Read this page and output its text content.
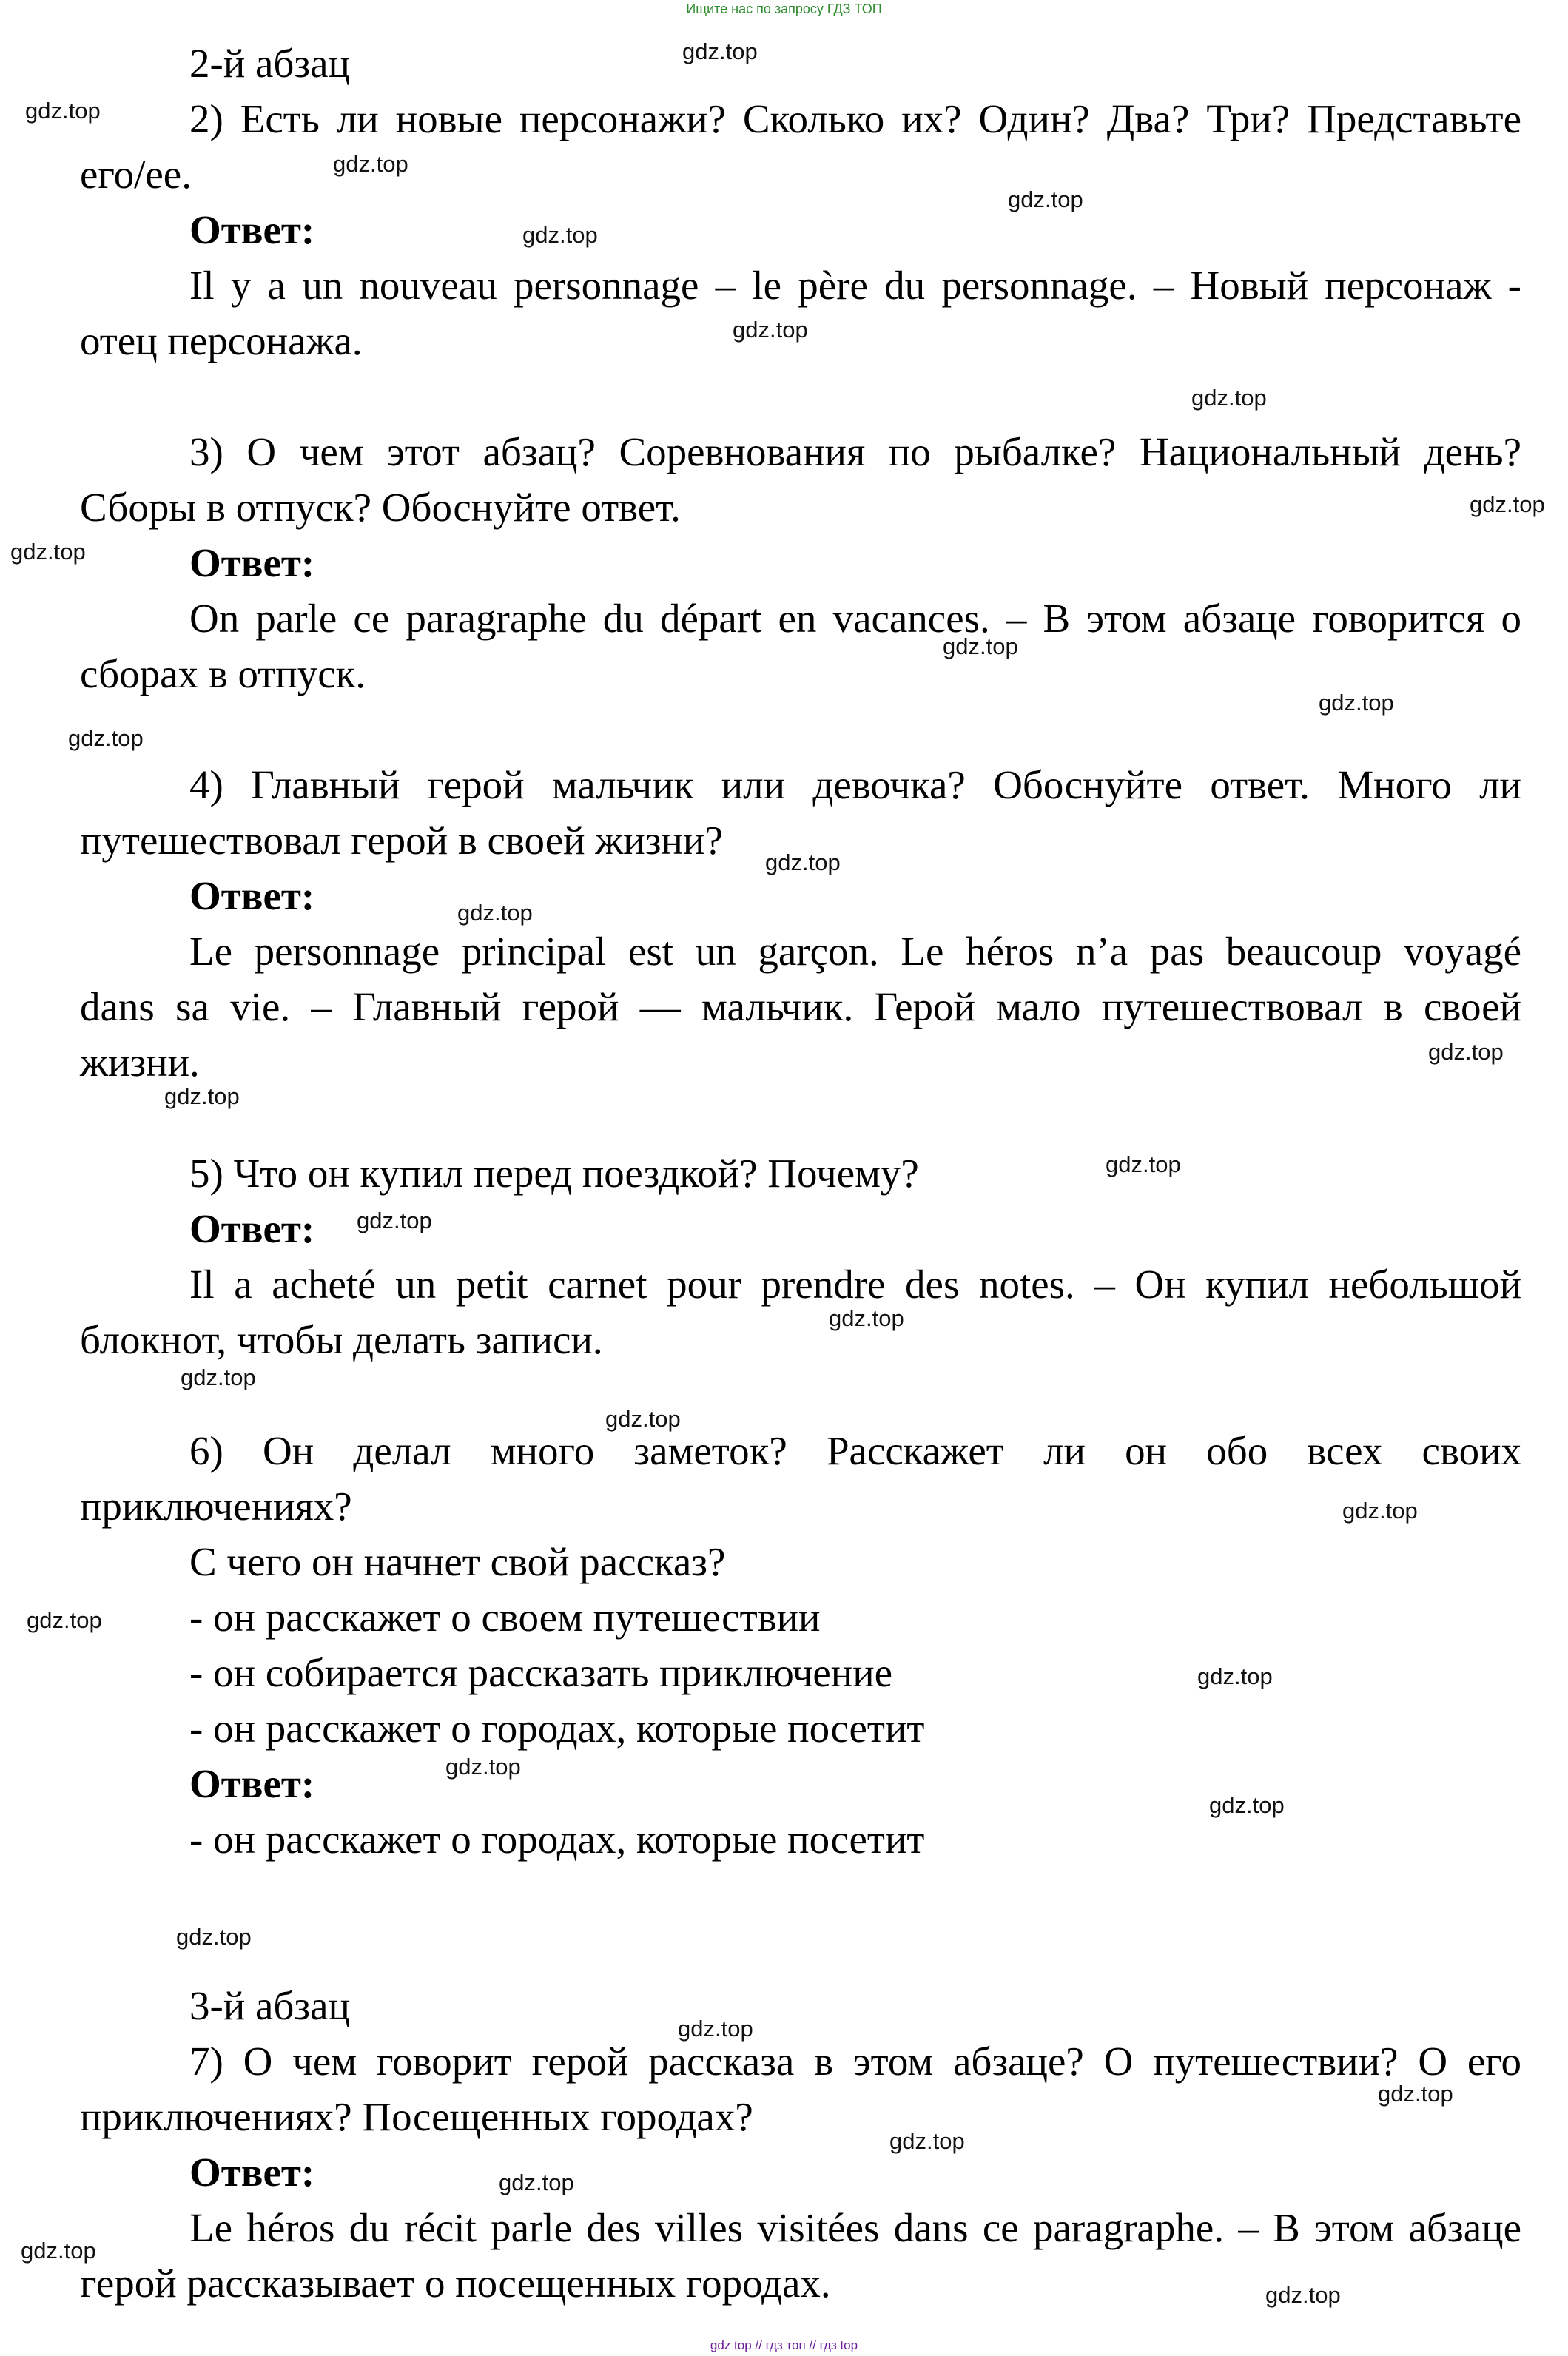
Ищите нас по запросу ГДЗ ТОП
2-й абзац
2) Есть ли новые персонажи? Сколько их? Один? Два? Три? Представьте
его/ее.
Ответ:
Il y a un nouveau personnage – le père du personnage. – Новый персонаж -
отец персонажа.
3) О чем этот абзац? Соревнования по рыбалке? Национальный день?
Сборы в отпуск? Обоснуйте ответ.
Ответ:
On parle ce paragraphe du départ en vacances. – В этом абзаце говорится о
сборах в отпуск.
4) Главный герой мальчик или девочка? Обоснуйте ответ. Много ли
путешествовал герой в своей жизни?
Ответ:
Le personnage principal est un garçon. Le héros n’a pas beaucoup voyagé
dans sa vie. – Главный герой — мальчик. Герой мало путешествовал в своей
жизни.
5) Что он купил перед поездкой? Почему?
Ответ:
Il a acheté un petit carnet pour prendre des notes. – Он купил небольшой
блокнот, чтобы делать записи.
6) Он делал много заметок? Расскажет ли он обо всех своих
приключениях?
С чего он начнет свой рассказ?
- он расскажет о своем путешествии
- он собирается рассказать приключение
- он расскажет о городах, которые посетит
Ответ:
- он расскажет о городах, которые посетит
3-й абзац
7) О чем говорит герой рассказа в этом абзаце? О путешествии? О его
приключениях? Посещенных городах?
Ответ:
Le héros du récit parle des villes visitées dans ce paragraphe. – В этом абзаце
герой рассказывает о посещенных городах.
gdz.top
gdz.top
gdz.top
gdz.top
gdz.top
gdz.top
gdz.top
gdz.top
gdz.top
gdz.top
gdz.top
gdz.top
gdz.top
gdz.top
gdz.top
gdz.top
gdz.top
gdz.top
gdz.top
gdz.top
gdz.top
gdz.top
gdz.top
gdz.top
gdz.top
gdz.top
gdz.top
gdz.top
gdz.top
gdz.top
gdz.top
gdz.top
gdz.top
gdz top // гдз топ // гдз top
